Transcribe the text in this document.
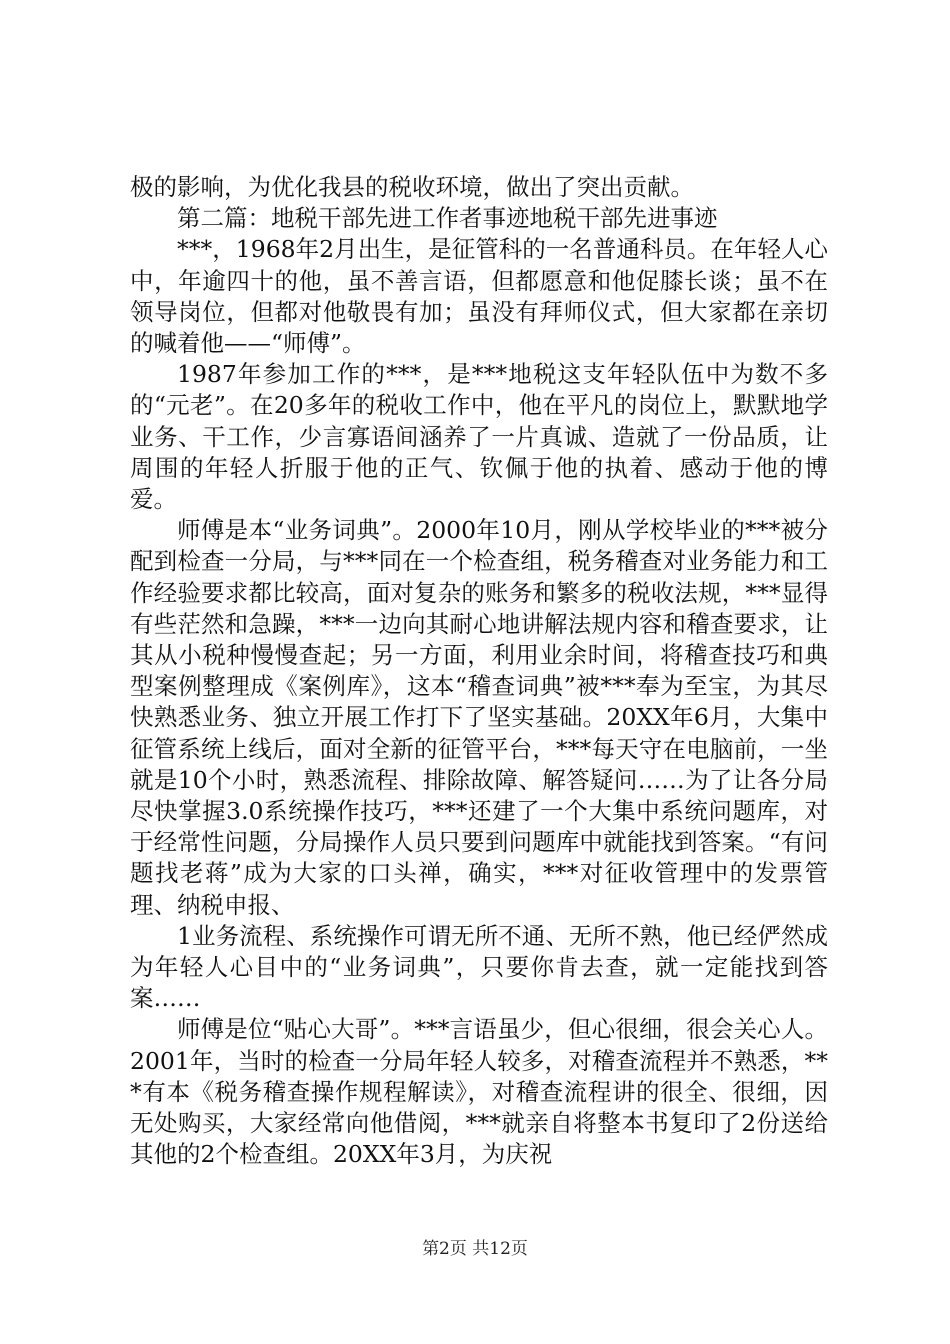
极的影响，为优化我县的税收环境，做出了突出贡献。

第二篇：地税干部先进工作者事迹地税干部先进事迹

***，1968年2月出生，是征管科的一名普通科员。在年轻人心中，年逾四十的他，虽不善言语，但都愿意和他促膝长谈；虽不在领导岗位，但都对他敬畏有加；虽没有拜师仪式，但大家都在亲切的喊着他——“师傅”。

1987年参加工作的***，是***地税这支年轻队伍中为数不多的“元老”。在20多年的税收工作中，他在平凡的岗位上，默默地学业务、干工作，少言寡语间涵养了一片真诚、造就了一份品质，让周围的年轻人折服于他的正气、钦佩于他的执着、感动于他的博爱。

师傅是本“业务词典”。2000年10月，刚从学校毕业的***被分配到检查一分局，与***同在一个检查组，税务稽查对业务能力和工作经验要求都比较高，面对复杂的账务和繁多的税收法规，***显得有些茫然和急躁，***一边向其耐心地讲解法规内容和稽查要求，让其从小税种慢慢查起；另一方面，利用业余时间，将稽查技巧和典型案例整理成《案例库》，这本“稽查词典”被***奉为至宝，为其尽快熟悉业务、独立开展工作打下了坚实基础。20XX年6月，大集中征管系统上线后，面对全新的征管平台，***每天守在电脑前，一坐就是10个小时，熟悉流程、排除故障、解答疑问……为了让各分局尽快掌握3.0系统操作技巧，***还建了一个大集中系统问题库，对于经常性问题，分局操作人员只要到问题库中就能找到答案。“有问题找老蒋”成为大家的口头禅，确实，***对征收管理中的发票管理、纳税申报、

1业务流程、系统操作可谓无所不通、无所不熟，他已经俨然成为年轻人心目中的“业务词典”，只要你肯去查，就一定能找到答案……

师傅是位“贴心大哥”。***言语虽少，但心很细，很会关心人。2001年，当时的检查一分局年轻人较多，对稽查流程并不熟悉，***有本《税务稽查操作规程解读》，对稽查流程讲的很全、很细，因无处购买，大家经常向他借阅，***就亲自将整本书复印了2份送给其他的2个检查组。20XX年3月，为庆祝

第2页 共12页
